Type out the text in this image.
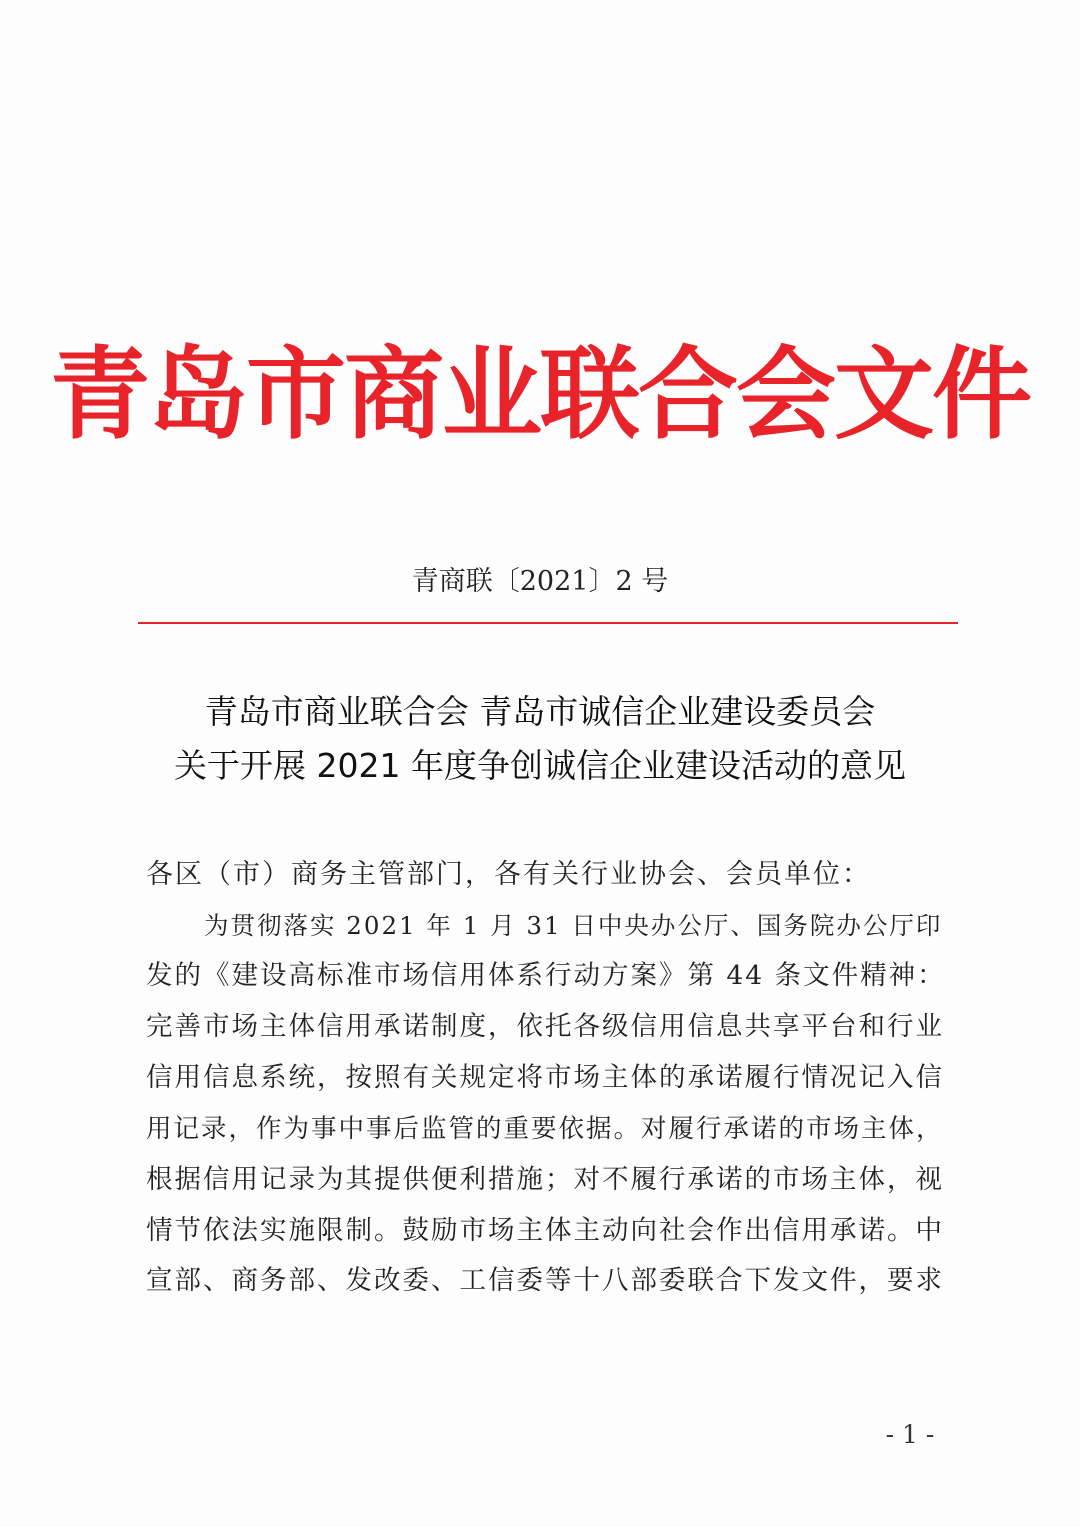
青岛市商业联合会文件
青商联〔2021〕2 号
青岛市商业联合会 青岛市诚信企业建设委员会
关于开展 2021 年度争创诚信企业建设活动的意见
各区（市）商务主管部门，各有关行业协会、会员单位：
为贯彻落实 2021 年 1 月 31 日中央办公厅、国务院办公厅印
发的《建设高标准市场信用体系行动方案》第 44 条文件精神：
完善市场主体信用承诺制度，依托各级信用信息共享平台和行业
信用信息系统，按照有关规定将市场主体的承诺履行情况记入信
用记录，作为事中事后监管的重要依据。对履行承诺的市场主体，
根据信用记录为其提供便利措施；对不履行承诺的市场主体，视
情节依法实施限制。鼓励市场主体主动向社会作出信用承诺。中
宣部、商务部、发改委、工信委等十八部委联合下发文件，要求
- 1 -
